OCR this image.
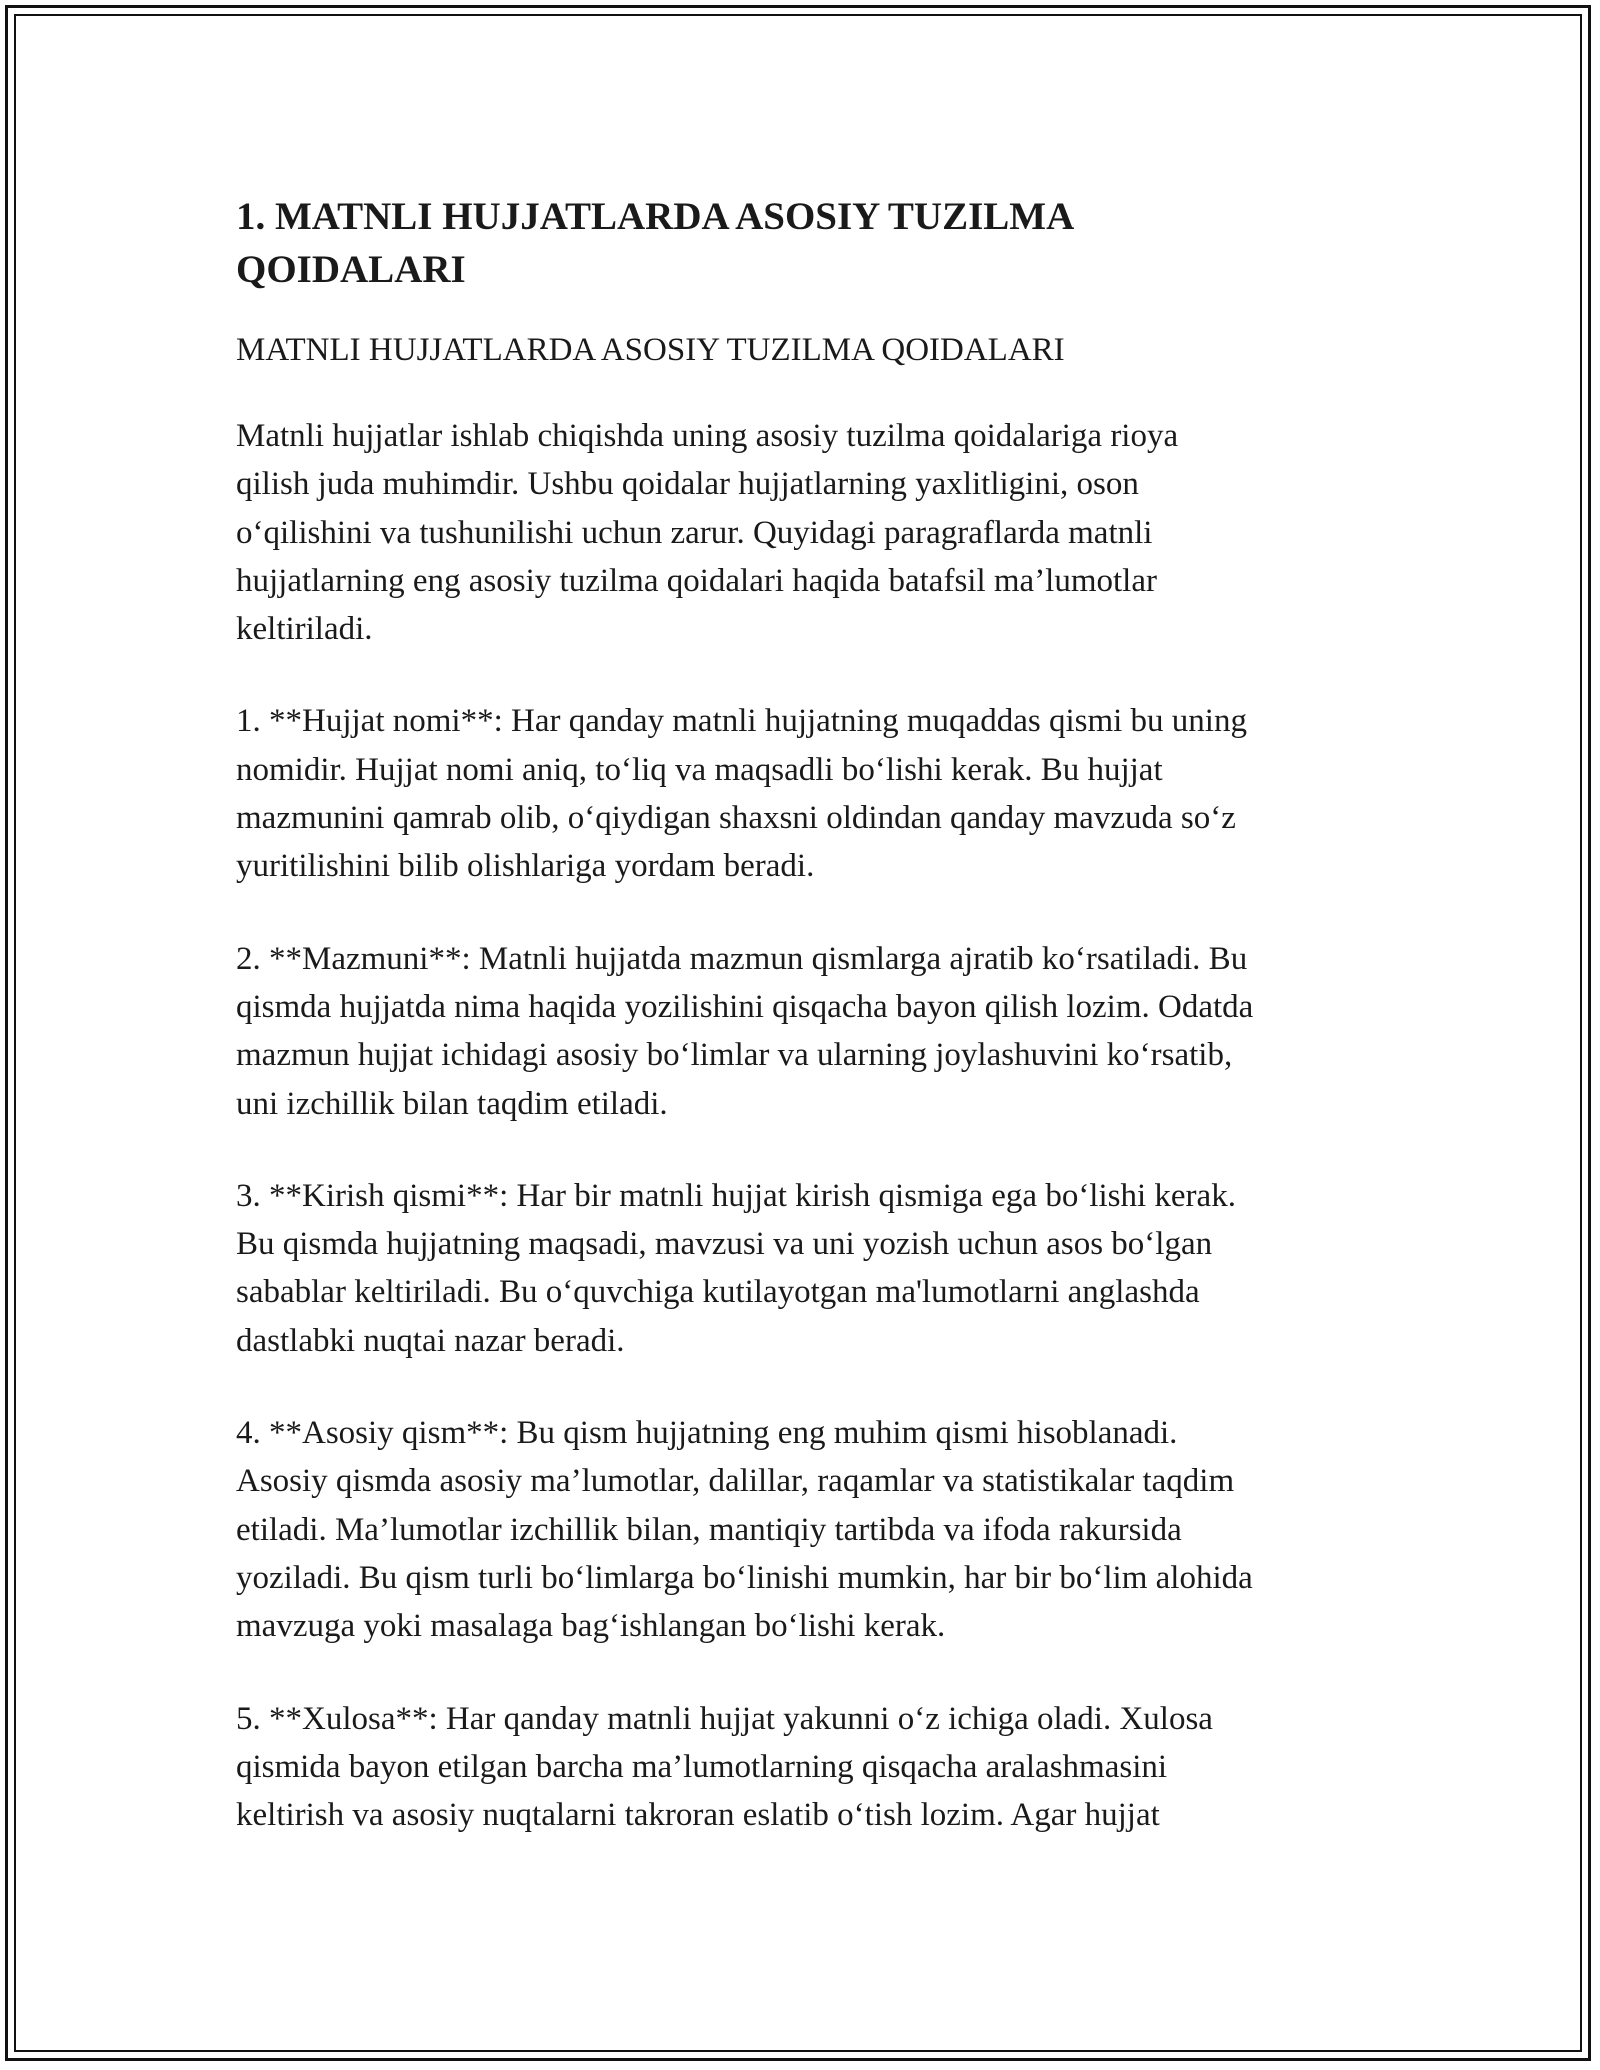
1. MATNLI HUJJATLARDA ASOSIY TUZILMA
QOIDALARI
MATNLI HUJJATLARDA ASOSIY TUZILMA QOIDALARI

Matnli hujjatlar ishlab chiqishda uning asosiy tuzilma qoidalariga rioya
qilish juda muhimdir. Ushbu qoidalar hujjatlarning yaxlitligini, oson
o‘qilishini va tushunilishi uchun zarur. Quyidagi paragraflarda matnli
hujjatlarning eng asosiy tuzilma qoidalari haqida batafsil ma’lumotlar
keltiriladi.

1. **Hujjat nomi**: Har qanday matnli hujjatning muqaddas qismi bu uning
nomidir. Hujjat nomi aniq, to‘liq va maqsadli bo‘lishi kerak. Bu hujjat
mazmunini qamrab olib, o‘qiydigan shaxsni oldindan qanday mavzuda so‘z
yuritilishini bilib olishlariga yordam beradi.

2. **Mazmuni**: Matnli hujjatda mazmun qismlarga ajratib ko‘rsatiladi. Bu
qismda hujjatda nima haqida yozilishini qisqacha bayon qilish lozim. Odatda
mazmun hujjat ichidagi asosiy bo‘limlar va ularning joylashuvini ko‘rsatib,
uni izchillik bilan taqdim etiladi.

3. **Kirish qismi**: Har bir matnli hujjat kirish qismiga ega bo‘lishi kerak.
Bu qismda hujjatning maqsadi, mavzusi va uni yozish uchun asos bo‘lgan
sabablar keltiriladi. Bu o‘quvchiga kutilayotgan ma'lumotlarni anglashda
dastlabki nuqtai nazar beradi.

4. **Asosiy qism**: Bu qism hujjatning eng muhim qismi hisoblanadi.
Asosiy qismda asosiy ma’lumotlar, dalillar, raqamlar va statistikalar taqdim
etiladi. Ma’lumotlar izchillik bilan, mantiqiy tartibda va ifoda rakursida
yoziladi. Bu qism turli bo‘limlarga bo‘linishi mumkin, har bir bo‘lim alohida
mavzuga yoki masalaga bag‘ishlangan bo‘lishi kerak.

5. **Xulosa**: Har qanday matnli hujjat yakunni o‘z ichiga oladi. Xulosa
qismida bayon etilgan barcha ma’lumotlarning qisqacha aralashmasini
keltirish va asosiy nuqtalarni takroran eslatib o‘tish lozim. Agar hujjat
